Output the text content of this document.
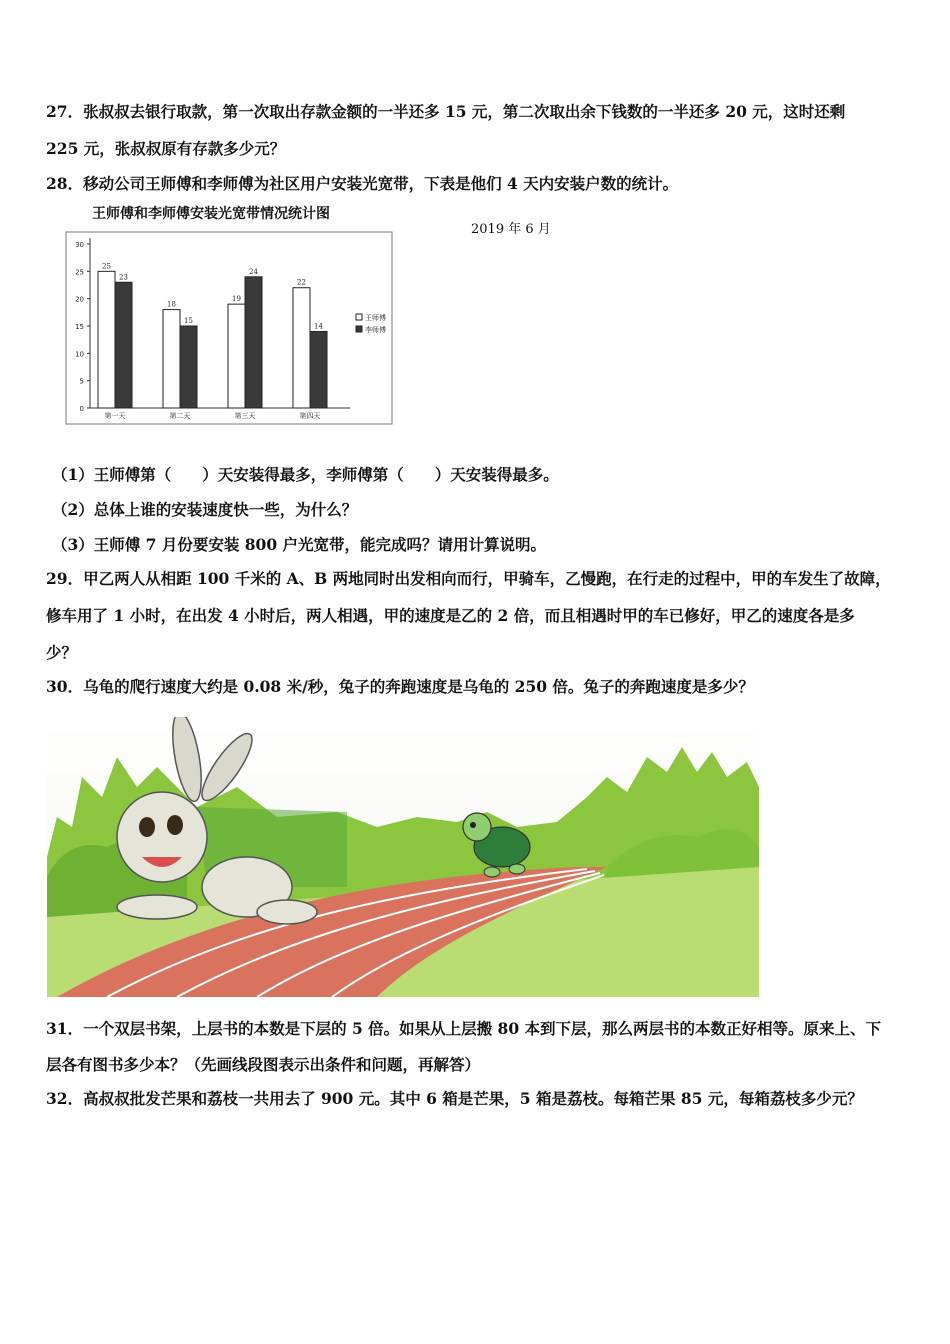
27．张叔叔去银行取款，第一次取出存款金额的一半还多 15 元，第二次取出余下钱数的一半还多 20 元，这时还剩
225 元，张叔叔原有存款多少元？
28．移动公司王师傅和李师傅为社区用户安装光宽带，下表是他们 4 天内安装户数的统计。
王师傅和李师傅安装光宽带情况统计图
2019 年 6 月
0
5
10
15
20
25
30
25
23
第一天
18
15
第二天
19
24
第三天
22
14
第四天
王师傅
李师傅
（1）王师傅第（　　）天安装得最多，李师傅第（　　）天安装得最多。
（2）总体上谁的安装速度快一些，为什么？
（3）王师傅 7 月份要安装 800 户光宽带，能完成吗？请用计算说明。
29．甲乙两人从相距 100 千米的 A、B 两地同时出发相向而行，甲骑车，乙慢跑，在行走的过程中，甲的车发生了故障，
修车用了 1 小时，在出发 4 小时后，两人相遇，甲的速度是乙的 2 倍，而且相遇时甲的车已修好，甲乙的速度各是多
少？
30．乌龟的爬行速度大约是 0.08 米/秒，兔子的奔跑速度是乌龟的 250 倍。兔子的奔跑速度是多少？
31．一个双层书架，上层书的本数是下层的 5 倍。如果从上层搬 80 本到下层，那么两层书的本数正好相等。原来上、下
层各有图书多少本？（先画线段图表示出条件和问题，再解答）
32．高叔叔批发芒果和荔枝一共用去了 900 元。其中 6 箱是芒果，5 箱是荔枝。每箱芒果 85 元，每箱荔枝多少元？
